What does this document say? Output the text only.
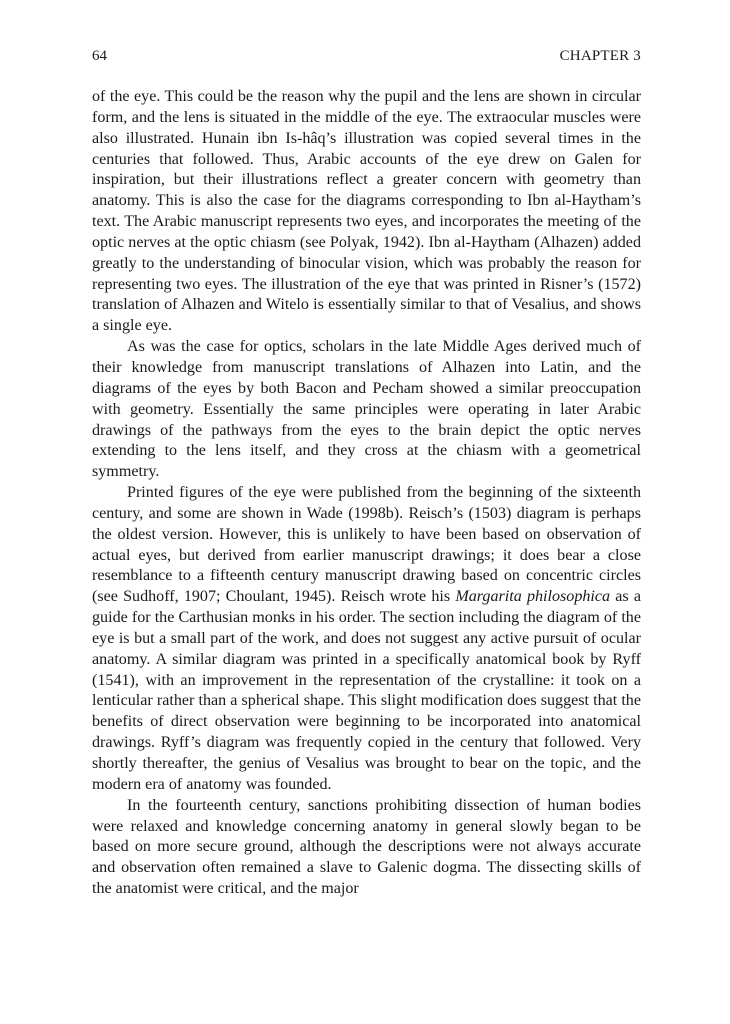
64	CHAPTER 3

of the eye. This could be the reason why the pupil and the lens are shown in circular form, and the lens is situated in the middle of the eye. The extraocular muscles were also illustrated. Hunain ibn Is-hâq’s illustration was copied several times in the centuries that followed. Thus, Arabic accounts of the eye drew on Galen for inspiration, but their illustrations reflect a greater concern with geometry than anatomy. This is also the case for the diagrams corresponding to Ibn al-Haytham’s text. The Arabic manuscript represents two eyes, and incorporates the meeting of the optic nerves at the optic chiasm (see Polyak, 1942). Ibn al-Haytham (Alhazen) added greatly to the understanding of binocular vision, which was probably the reason for representing two eyes. The illustration of the eye that was printed in Risner’s (1572) translation of Alhazen and Witelo is essentially similar to that of Vesalius, and shows a single eye.

As was the case for optics, scholars in the late Middle Ages derived much of their knowledge from manuscript translations of Alhazen into Latin, and the diagrams of the eyes by both Bacon and Pecham showed a similar preoccupation with geometry. Essentially the same principles were operating in later Arabic drawings of the pathways from the eyes to the brain depict the optic nerves extending to the lens itself, and they cross at the chiasm with a geometrical symmetry.

Printed figures of the eye were published from the beginning of the sixteenth century, and some are shown in Wade (1998b). Reisch’s (1503) diagram is perhaps the oldest version. However, this is unlikely to have been based on observation of actual eyes, but derived from earlier manuscript drawings; it does bear a close resemblance to a fifteenth century manuscript drawing based on concentric circles (see Sudhoff, 1907; Choulant, 1945). Reisch wrote his Margarita philosophica as a guide for the Carthusian monks in his order. The section including the diagram of the eye is but a small part of the work, and does not suggest any active pursuit of ocular anatomy. A similar diagram was printed in a specifically anatomical book by Ryff (1541), with an improvement in the representation of the crystalline: it took on a lenticular rather than a spherical shape. This slight modification does suggest that the benefits of direct observation were beginning to be incorporated into anatomical drawings. Ryff’s diagram was frequently copied in the century that followed. Very shortly thereafter, the genius of Vesalius was brought to bear on the topic, and the modern era of anatomy was founded.

In the fourteenth century, sanctions prohibiting dissection of human bodies were relaxed and knowledge concerning anatomy in general slowly began to be based on more secure ground, although the descriptions were not always accurate and observation often remained a slave to Galenic dogma. The dissecting skills of the anatomist were critical, and the major
